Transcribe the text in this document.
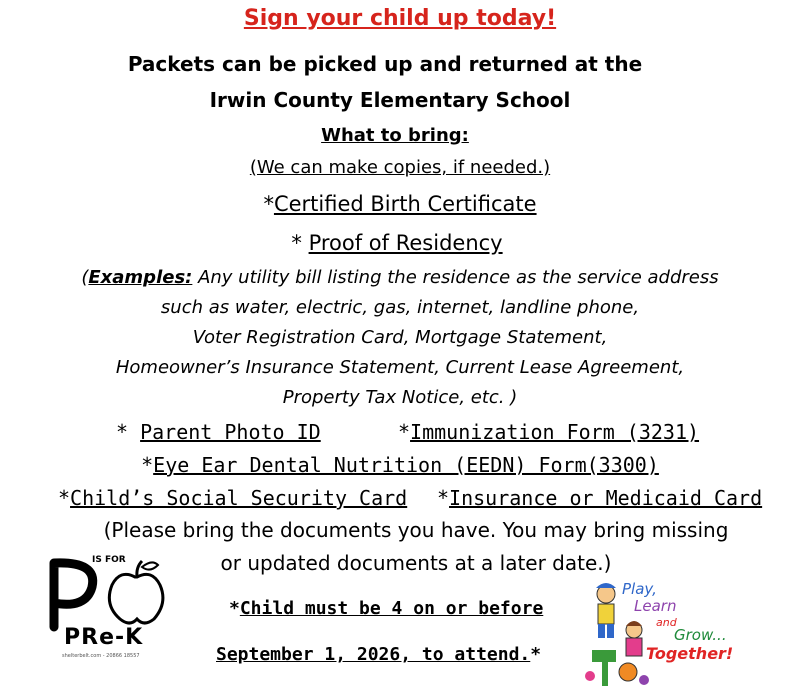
Sign your child up today!
Packets can be picked up and returned at the
Irwin County Elementary School
What to bring:
(We can make copies, if needed.)
*Certified Birth Certificate
* Proof of Residency
(Examples: Any utility bill listing the residence as the service address
such as water, electric, gas, internet, landline phone,
Voter Registration Card, Mortgage Statement,
Homeowner’s Insurance Statement, Current Lease Agreement,
Property Tax Notice, etc. )
* Parent Photo ID	*Immunization Form (3231)
*Eye Ear Dental Nutrition (EEDN) Form(3300)
*Child’s Social Security Card *Insurance or Medicaid Card
(Please bring the documents you have. You may bring missing
or updated documents at a later date.)
*Child must be 4 on or before
September 1, 2026, to attend.*
IS FOR
PRe-K
shelterbelt.com - 20866 18557
Play,
Learn
and
Grow...
Together!
